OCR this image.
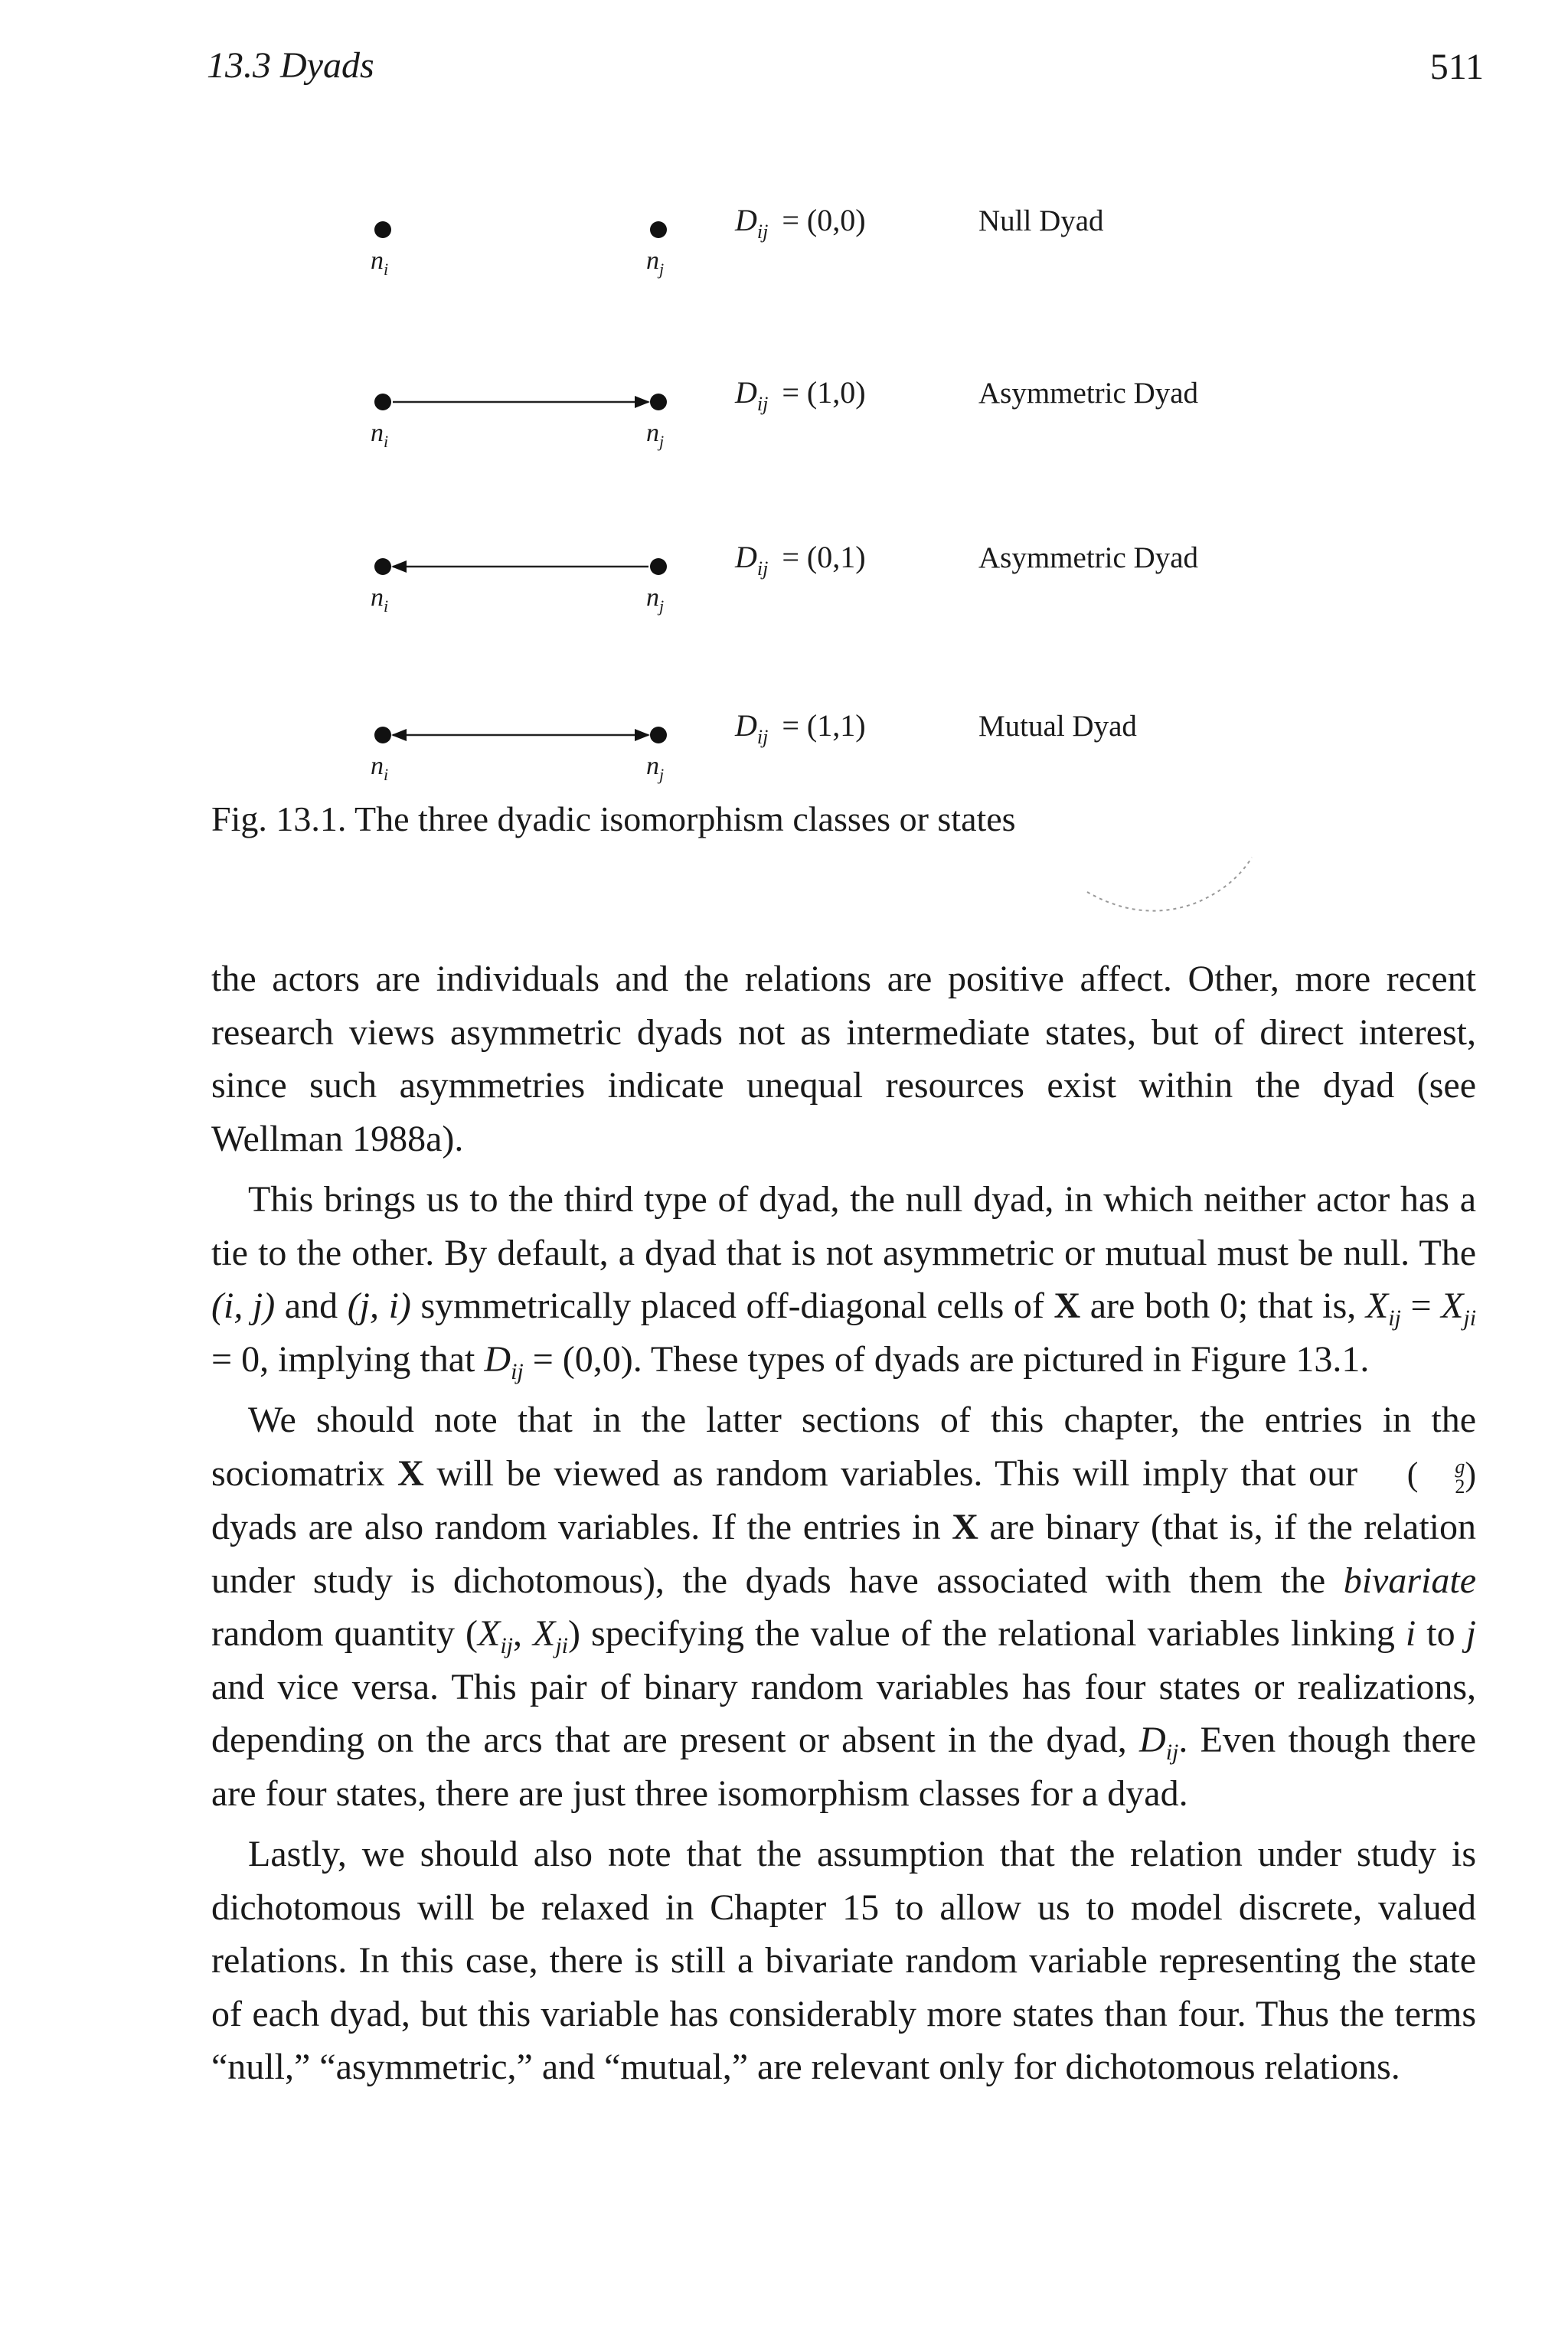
13.3 Dyads	511
$n_i$	$n_j$
$D_{ij} = (0,0)$	Null Dyad
$n_i$	$n_j$
$D_{ij} = (1,0)$	Asymmetric Dyad
$n_i$	$n_j$
$D_{ij} = (0,1)$	Asymmetric Dyad
$n_i$	$n_j$
$D_{ij} = (1,1)$	Mutual Dyad
Fig. 13.1. The three dyadic isomorphism classes or states

the actors are individuals and the relations are positive affect. Other, more recent research views asymmetric dyads not as intermediate states, but of direct interest, since such asymmetries indicate unequal resources exist within the dyad (see Wellman 1988a).

This brings us to the third type of dyad, the null dyad, in which neither actor has a tie to the other. By default, a dyad that is not asymmetric or mutual must be null. The (i, j) and (j, i) symmetrically placed off-diagonal cells of X are both 0; that is, $X_{ij} = X_{ji} = 0$, implying that $D_{ij} = (0,0)$. These types of dyads are pictured in Figure 13.1.

We should note that in the latter sections of this chapter, the entries in the sociomatrix X will be viewed as random variables. This will imply that our (	g
2 ) dyads are also random variables. If the entries in X are binary (that is, if the relation under study is dichotomous), the dyads have associated with them the bivariate random quantity ($X_{ij}$, $X_{ji}$) specifying the value of the relational variables linking i to j and vice versa. This pair of binary random variables has four states or realizations, depending on the arcs that are present or absent in the dyad, $D_{ij}$. Even though there are four states, there are just three isomorphism classes for a dyad.

Lastly, we should also note that the assumption that the relation under study is dichotomous will be relaxed in Chapter 15 to allow us to model discrete, valued relations. In this case, there is still a bivariate random variable representing the state of each dyad, but this variable has considerably more states than four. Thus the terms “null,” “asymmetric,” and “mutual,” are relevant only for dichotomous relations.
